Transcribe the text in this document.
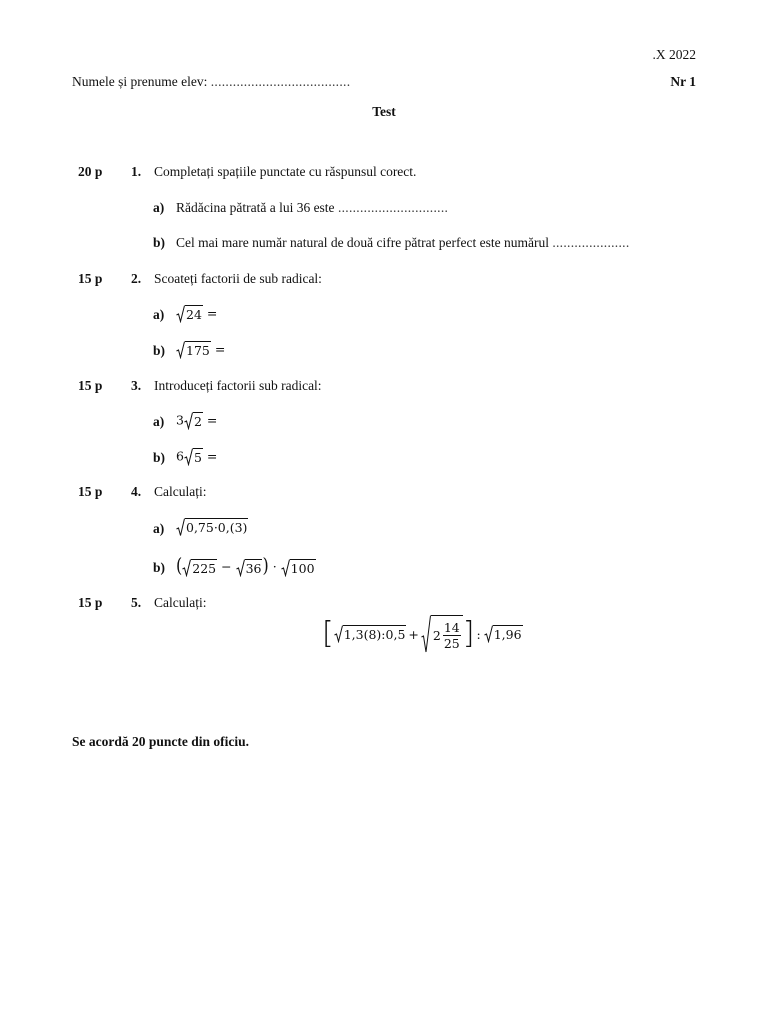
.X 2022
Numele și prenume elev: ......................................	Nr 1
Test
20 p 1. Completați spațiile punctate cu răspunsul corect.
a) Rădăcina pătrată a lui 36 este ..............................
b) Cel mai mare număr natural de două cifre pătrat perfect este numărul .....................
15 p 2. Scoateți factorii de sub radical:
a) 24 =
b) 175 =
15 p 3. Introduceți factorii sub radical:
a) 3 2 =
b) 6 5 =
15 p 4. Calculați:
a) 0,75·0,(3)
b) ( 225 − 36 ) · 100
15 p 5. Calculați:
[ 1,3(8):0,5 + $2 \frac{14}{25}$ ] : 1,96
Se acordă 20 puncte din oficiu.
